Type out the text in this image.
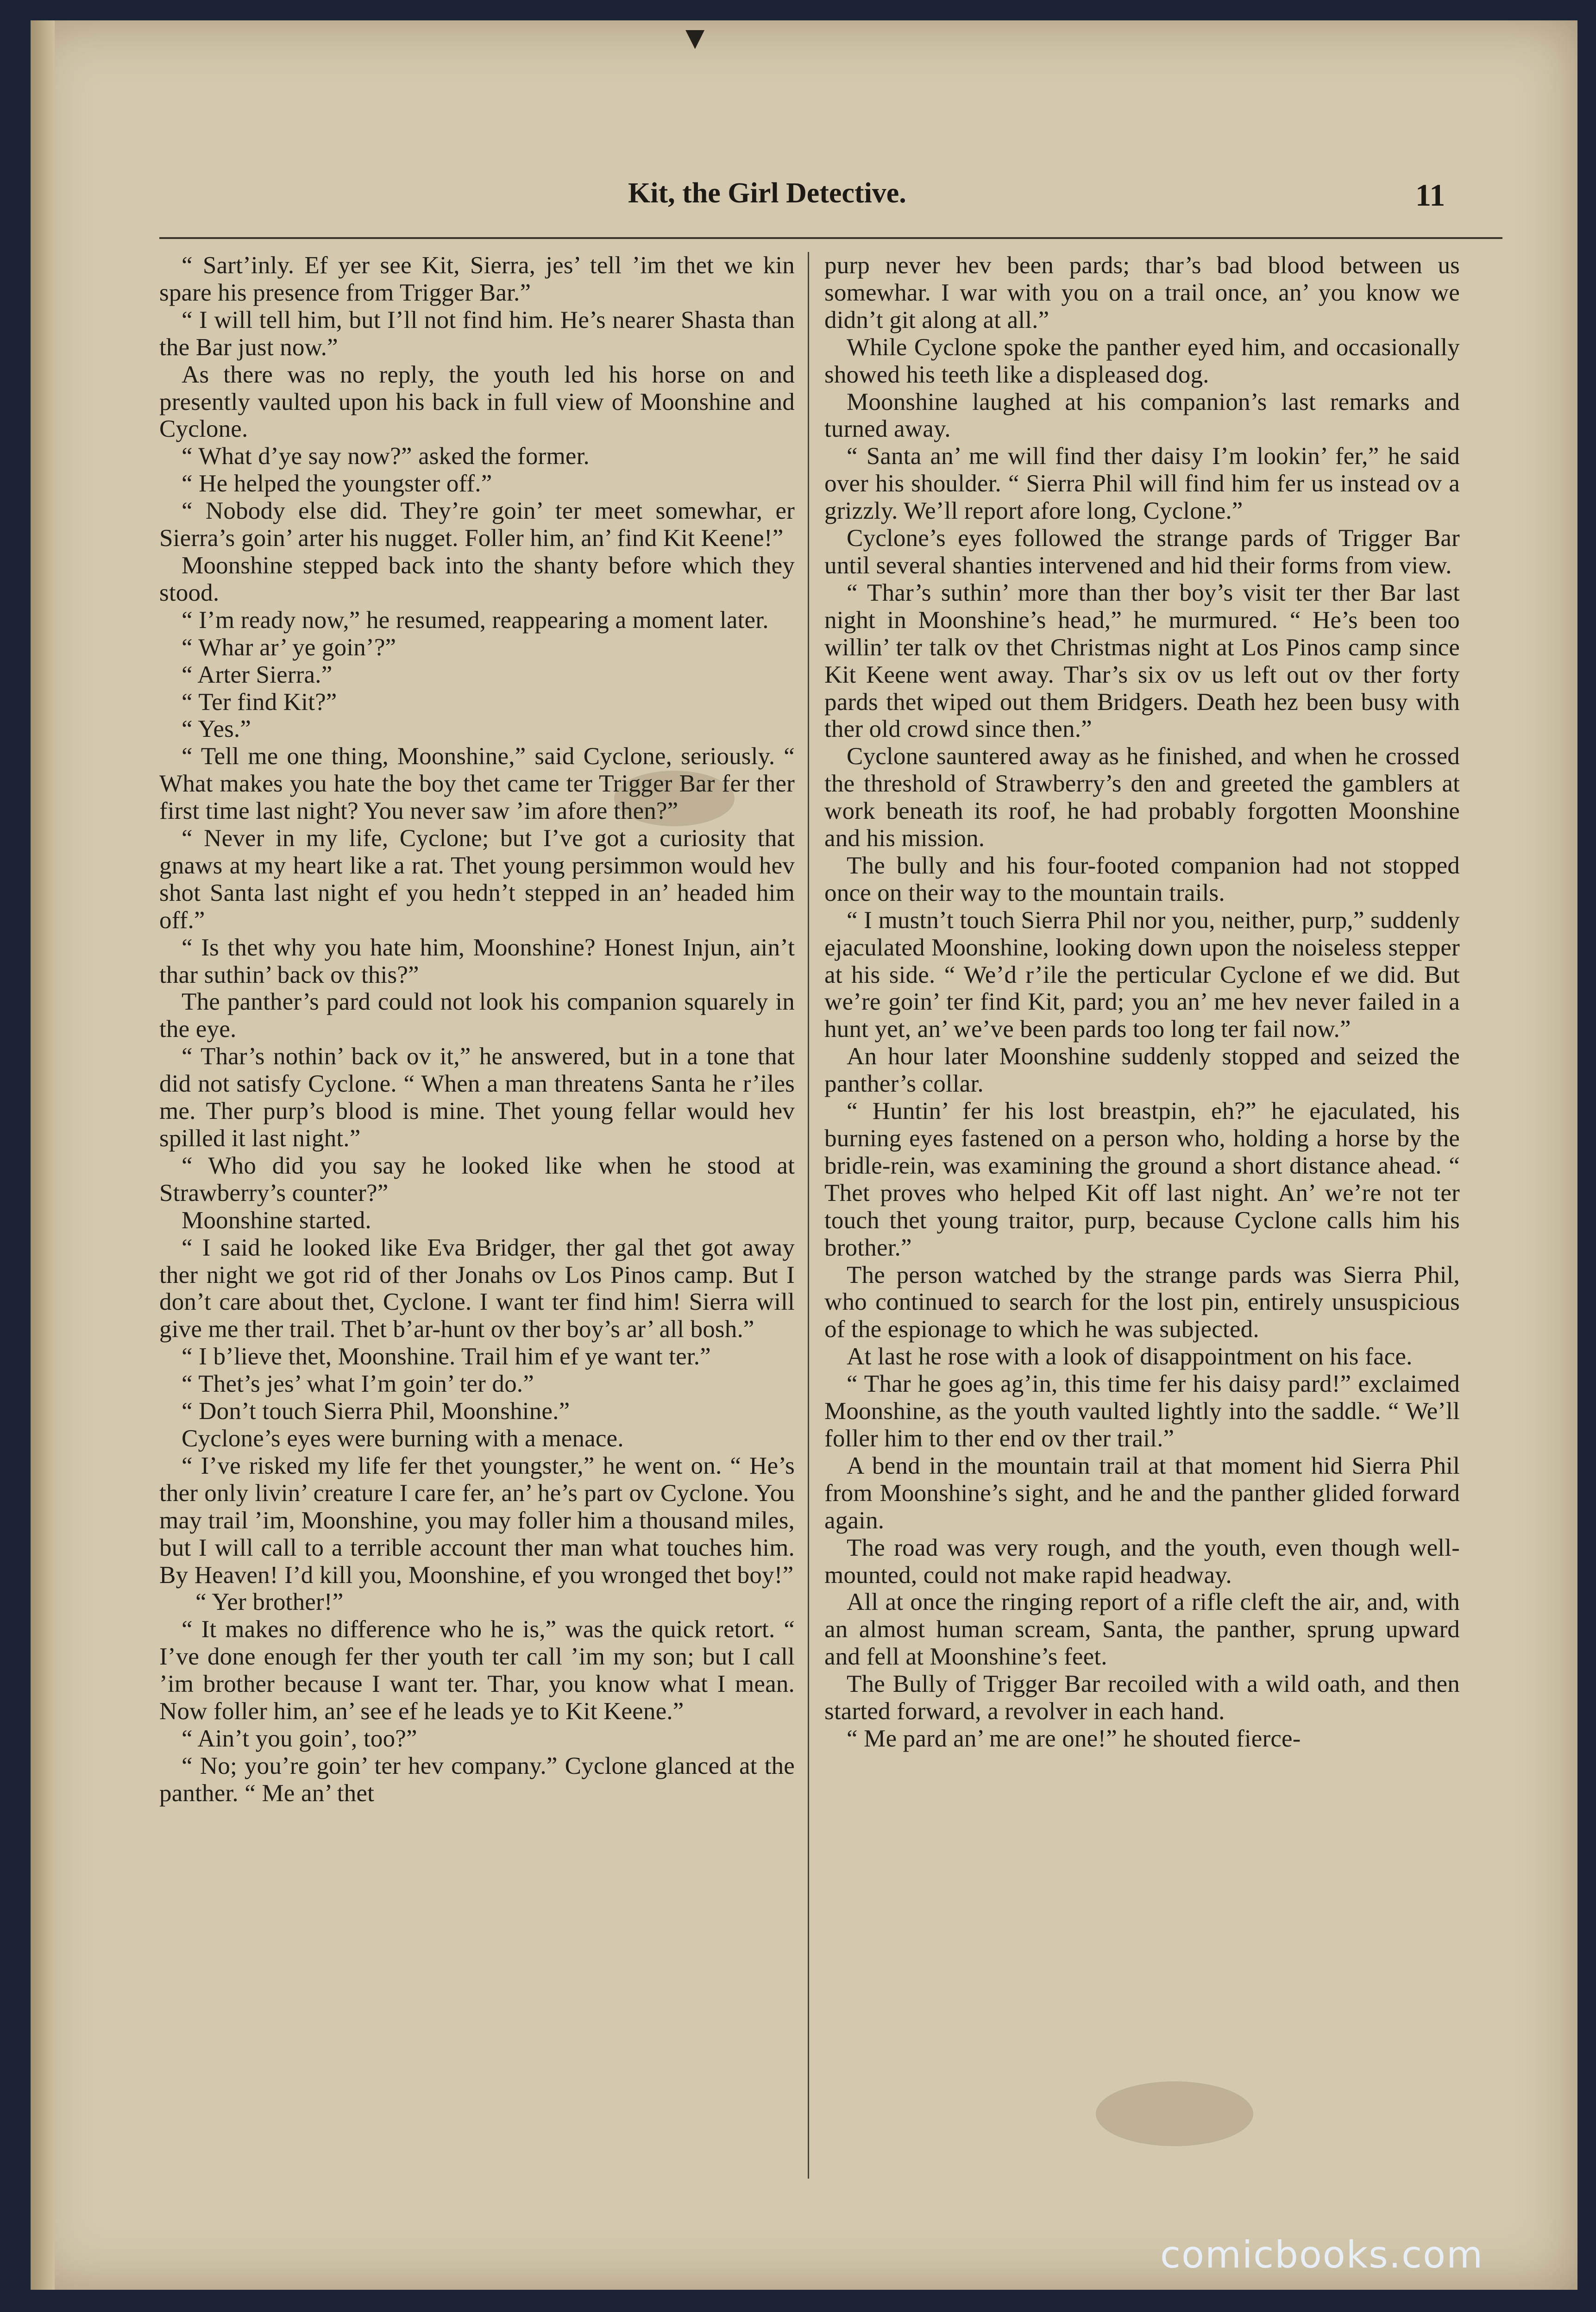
▼
Kit, the Girl Detective.	11

“ Sart’inly. Ef yer see Kit, Sierra, jes’ tell ’im thet we kin spare his presence from Trigger Bar.”

“ I will tell him, but I’ll not find him. He’s nearer Shasta than the Bar just now.”

As there was no reply, the youth led his horse on and presently vaulted upon his back in full view of Moonshine and Cyclone.

“ What d’ye say now?” asked the former.

“ He helped the youngster off.”

“ Nobody else did. They’re goin’ ter meet somewhar, er Sierra’s goin’ arter his nugget. Foller him, an’ find Kit Keene!”

Moonshine stepped back into the shanty before which they stood.

“ I’m ready now,” he resumed, reappearing a moment later.

“ Whar ar’ ye goin’?”

“ Arter Sierra.”

“ Ter find Kit?”

“ Yes.”

“ Tell me one thing, Moonshine,” said Cyclone, seriously. “ What makes you hate the boy thet came ter Trigger Bar fer ther first time last night? You never saw ’im afore then?”

“ Never in my life, Cyclone; but I’ve got a curiosity that gnaws at my heart like a rat. Thet young persimmon would hev shot Santa last night ef you hedn’t stepped in an’ headed him off.”

“ Is thet why you hate him, Moonshine? Honest Injun, ain’t thar suthin’ back ov this?”

The panther’s pard could not look his companion squarely in the eye.

“ Thar’s nothin’ back ov it,” he answered, but in a tone that did not satisfy Cyclone. “ When a man threatens Santa he r’iles me. Ther purp’s blood is mine. Thet young fellar would hev spilled it last night.”

“ Who did you say he looked like when he stood at Strawberry’s counter?”

Moonshine started.

“ I said he looked like Eva Bridger, ther gal thet got away ther night we got rid of ther Jonahs ov Los Pinos camp. But I don’t care about thet, Cyclone. I want ter find him! Sierra will give me ther trail. Thet b’ar-hunt ov ther boy’s ar’ all bosh.”

“ I b’lieve thet, Moonshine. Trail him ef ye want ter.”

“ Thet’s jes’ what I’m goin’ ter do.”

“ Don’t touch Sierra Phil, Moonshine.”

Cyclone’s eyes were burning with a menace.

“ I’ve risked my life fer thet youngster,” he went on. “ He’s ther only livin’ creature I care fer, an’ he’s part ov Cyclone. You may trail ’im, Moonshine, you may foller him a thousand miles, but I will call to a terrible account ther man what touches him. By Heaven! I’d kill you, Moonshine, ef you wronged thet boy!”

“ Yer brother!”

“ It makes no difference who he is,” was the quick retort. “ I’ve done enough fer ther youth ter call ’im my son; but I call ’im brother because I want ter. Thar, you know what I mean. Now foller him, an’ see ef he leads ye to Kit Keene.”

“ Ain’t you goin’, too?”

“ No; you’re goin’ ter hev company.” Cyclone glanced at the panther. “ Me an’ thet

purp never hev been pards; thar’s bad blood between us somewhar. I war with you on a trail once, an’ you know we didn’t git along at all.”

While Cyclone spoke the panther eyed him, and occasionally showed his teeth like a displeased dog.

Moonshine laughed at his companion’s last remarks and turned away.

“ Santa an’ me will find ther daisy I’m lookin’ fer,” he said over his shoulder. “ Sierra Phil will find him fer us instead ov a grizzly. We’ll report afore long, Cyclone.”

Cyclone’s eyes followed the strange pards of Trigger Bar until several shanties intervened and hid their forms from view.

“ Thar’s suthin’ more than ther boy’s visit ter ther Bar last night in Moonshine’s head,” he murmured. “ He’s been too willin’ ter talk ov thet Christmas night at Los Pinos camp since Kit Keene went away. Thar’s six ov us left out ov ther forty pards thet wiped out them Bridgers. Death hez been busy with ther old crowd since then.”

Cyclone sauntered away as he finished, and when he crossed the threshold of Strawberry’s den and greeted the gamblers at work beneath its roof, he had probably forgotten Moonshine and his mission.

The bully and his four-footed companion had not stopped once on their way to the mountain trails.

“ I mustn’t touch Sierra Phil nor you, neither, purp,” suddenly ejaculated Moonshine, looking down upon the noiseless stepper at his side. “ We’d r’ile the perticular Cyclone ef we did. But we’re goin’ ter find Kit, pard; you an’ me hev never failed in a hunt yet, an’ we’ve been pards too long ter fail now.”

An hour later Moonshine suddenly stopped and seized the panther’s collar.

“ Huntin’ fer his lost breastpin, eh?” he ejaculated, his burning eyes fastened on a person who, holding a horse by the bridle-rein, was examining the ground a short distance ahead. “ Thet proves who helped Kit off last night. An’ we’re not ter touch thet young traitor, purp, because Cyclone calls him his brother.”

The person watched by the strange pards was Sierra Phil, who continued to search for the lost pin, entirely unsuspicious of the espionage to which he was subjected.

At last he rose with a look of disappointment on his face.

“ Thar he goes ag’in, this time fer his daisy pard!” exclaimed Moonshine, as the youth vaulted lightly into the saddle. “ We’ll foller him to ther end ov ther trail.”

A bend in the mountain trail at that moment hid Sierra Phil from Moonshine’s sight, and he and the panther glided forward again.

The road was very rough, and the youth, even though well-mounted, could not make rapid headway.

All at once the ringing report of a rifle cleft the air, and, with an almost human scream, Santa, the panther, sprung upward and fell at Moonshine’s feet.

The Bully of Trigger Bar recoiled with a wild oath, and then started forward, a revolver in each hand.

“ Me pard an’ me are one!” he shouted fierce-

comicbooks.com
